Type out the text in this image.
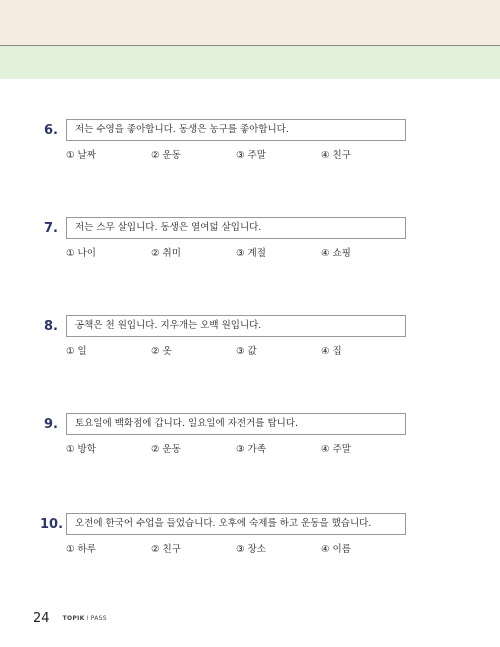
6.	저는 수영을 좋아합니다. 동생은 농구를 좋아합니다.
① 날짜	② 운동	③ 주말	④ 친구
7.	저는 스무 살입니다. 동생은 열여덟 살입니다.
① 나이	② 취미	③ 계절	④ 쇼핑
8.	공책은 천 원입니다. 지우개는 오백 원입니다.
① 일	② 옷	③ 값	④ 집
9.	토요일에 백화점에 갑니다. 일요일에 자전거를 탑니다.
① 방학	② 운동	③ 가족	④ 주말
10.	오전에 한국어 수업을 들었습니다. 오후에 숙제를 하고 운동을 했습니다.
① 하루	② 친구	③ 장소	④ 이름
24 TOPIK I PASS
